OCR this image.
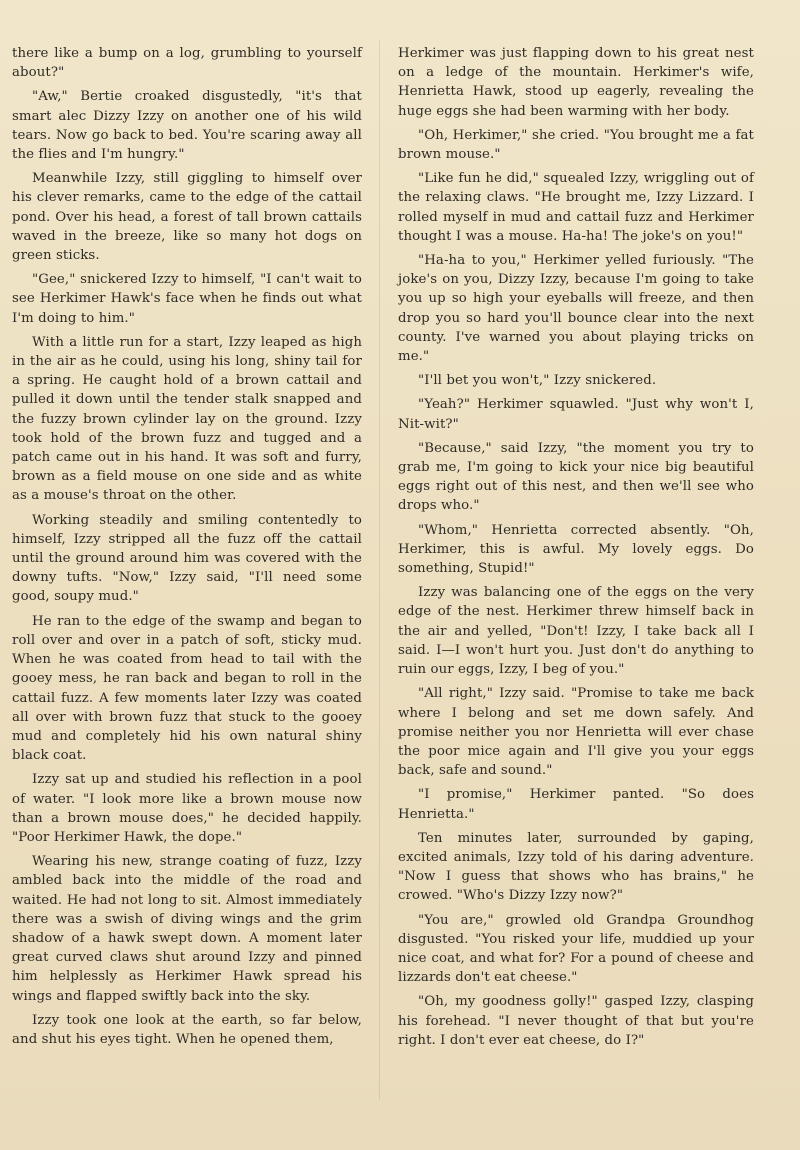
there like a bump on a log, grumbling to yourself about?"

"Aw," Bertie croaked disgustedly, "it's that smart alec Dizzy Izzy on another one of his wild tears. Now go back to bed. You're scaring away all the flies and I'm hungry."

Meanwhile Izzy, still giggling to himself over his clever remarks, came to the edge of the cattail pond. Over his head, a forest of tall brown cattails waved in the breeze, like so many hot dogs on green sticks.

"Gee," snickered Izzy to himself, "I can't wait to see Herkimer Hawk's face when he finds out what I'm doing to him."

With a little run for a start, Izzy leaped as high in the air as he could, using his long, shiny tail for a spring. He caught hold of a brown cattail and pulled it down until the tender stalk snapped and the fuzzy brown cylinder lay on the ground. Izzy took hold of the brown fuzz and tugged and a patch came out in his hand. It was soft and furry, brown as a field mouse on one side and as white as a mouse's throat on the other.

Working steadily and smiling contentedly to himself, Izzy stripped all the fuzz off the cattail until the ground around him was covered with the downy tufts. "Now," Izzy said, "I'll need some good, soupy mud."

He ran to the edge of the swamp and began to roll over and over in a patch of soft, sticky mud. When he was coated from head to tail with the gooey mess, he ran back and began to roll in the cattail fuzz. A few moments later Izzy was coated all over with brown fuzz that stuck to the gooey mud and completely hid his own natural shiny black coat.

Izzy sat up and studied his reflection in a pool of water. "I look more like a brown mouse now than a brown mouse does," he decided happily. "Poor Herkimer Hawk, the dope."

Wearing his new, strange coating of fuzz, Izzy ambled back into the middle of the road and waited. He had not long to sit. Almost immediately there was a swish of diving wings and the grim shadow of a hawk swept down. A moment later great curved claws shut around Izzy and pinned him helplessly as Herkimer Hawk spread his wings and flapped swiftly back into the sky.

Izzy took one look at the earth, so far below, and shut his eyes tight. When he opened them,

Herkimer was just flapping down to his great nest on a ledge of the mountain. Herkimer's wife, Henrietta Hawk, stood up eagerly, revealing the huge eggs she had been warming with her body.

"Oh, Herkimer," she cried. "You brought me a fat brown mouse."

"Like fun he did," squealed Izzy, wriggling out of the relaxing claws. "He brought me, Izzy Lizzard. I rolled myself in mud and cattail fuzz and Herkimer thought I was a mouse. Ha-ha! The joke's on you!"

"Ha-ha to you," Herkimer yelled furiously. "The joke's on you, Dizzy Izzy, because I'm going to take you up so high your eyeballs will freeze, and then drop you so hard you'll bounce clear into the next county. I've warned you about playing tricks on me."

"I'll bet you won't," Izzy snickered.

"Yeah?" Herkimer squawled. "Just why won't I, Nit-wit?"

"Because," said Izzy, "the moment you try to grab me, I'm going to kick your nice big beautiful eggs right out of this nest, and then we'll see who drops who."

"Whom," Henrietta corrected absently. "Oh, Herkimer, this is awful. My lovely eggs. Do something, Stupid!"

Izzy was balancing one of the eggs on the very edge of the nest. Herkimer threw himself back in the air and yelled, "Don't! Izzy, I take back all I said. I—I won't hurt you. Just don't do anything to ruin our eggs, Izzy, I beg of you."

"All right," Izzy said. "Promise to take me back where I belong and set me down safely. And promise neither you nor Henrietta will ever chase the poor mice again and I'll give you your eggs back, safe and sound."

"I promise," Herkimer panted. "So does Henrietta."

Ten minutes later, surrounded by gaping, excited animals, Izzy told of his daring adventure. "Now I guess that shows who has brains," he crowed. "Who's Dizzy Izzy now?"

"You are," growled old Grandpa Groundhog disgusted. "You risked your life, muddied up your nice coat, and what for? For a pound of cheese and lizzards don't eat cheese."

"Oh, my goodness golly!" gasped Izzy, clasping his forehead. "I never thought of that but you're right. I don't ever eat cheese, do I?"
